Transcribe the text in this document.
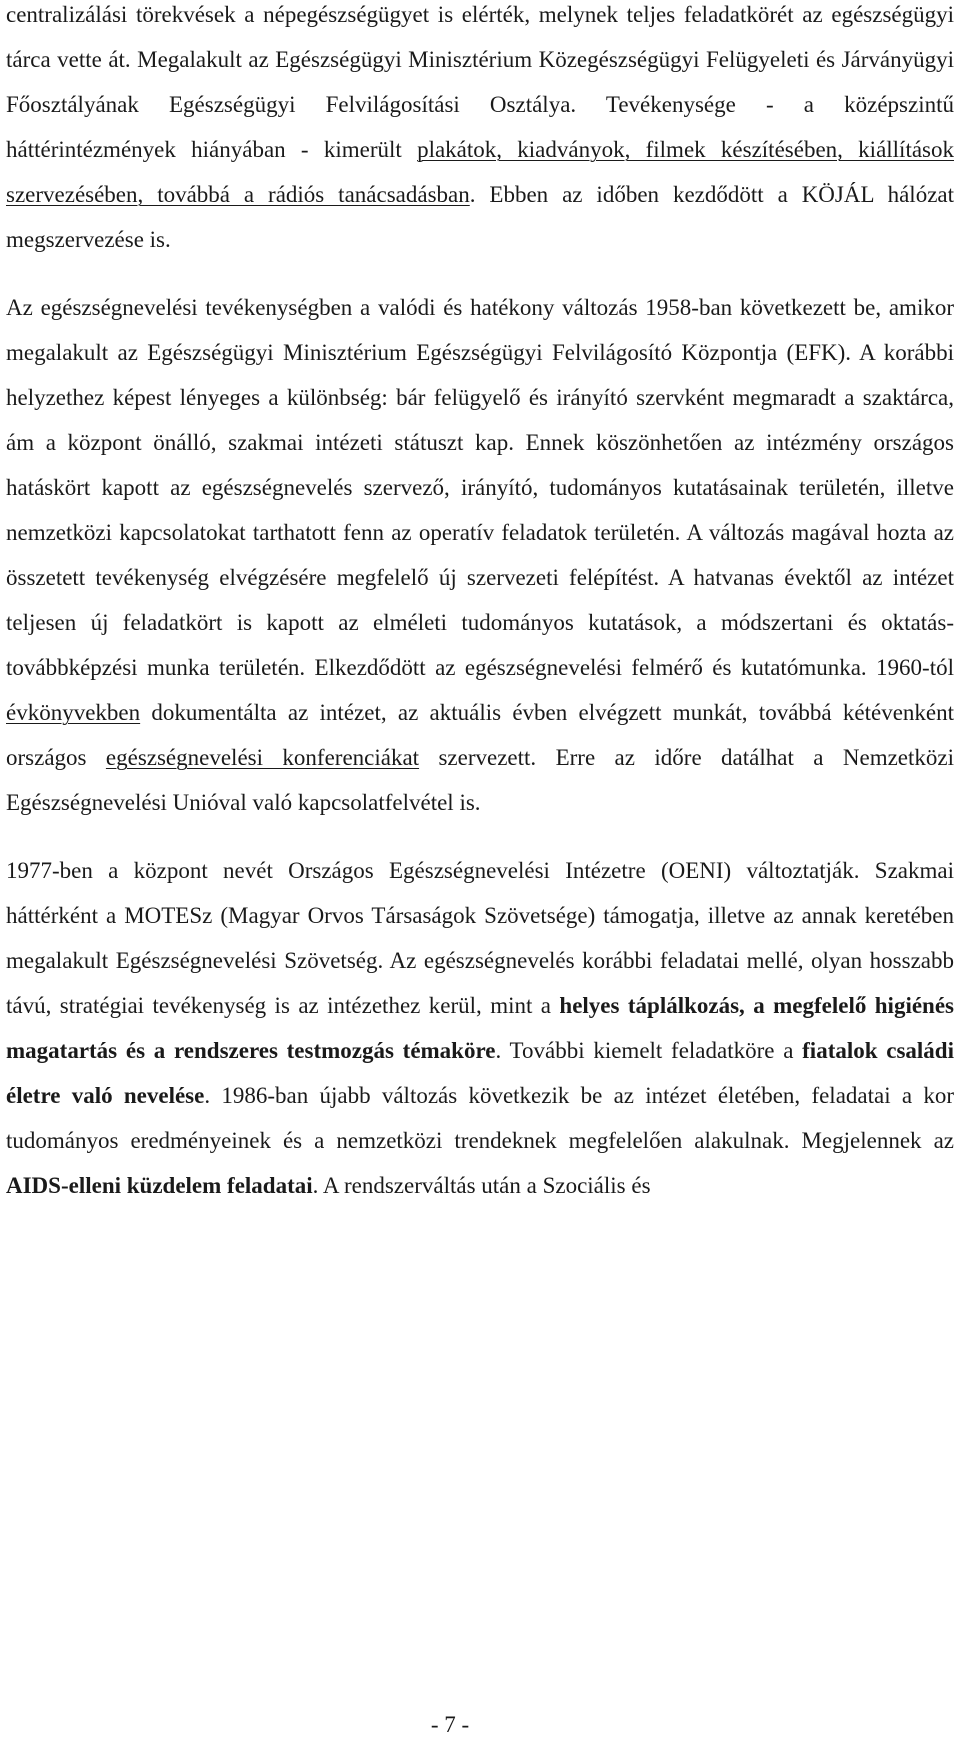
centralizálási törekvések a népegészségügyet is elérték, melynek teljes feladatkörét az egészségügyi tárca vette át. Megalakult az Egészségügyi Minisztérium Közegészségügyi Felügyeleti és Járványügyi Főosztályának Egészségügyi Felvilágosítási Osztálya. Tevékenysége - a középszintű háttérintézmények hiányában - kimerült plakátok, kiadványok, filmek készítésében, kiállítások szervezésében, továbbá a rádiós tanácsadásban. Ebben az időben kezdődött a KÖJÁL hálózat megszervezése is.

Az egészségnevelési tevékenységben a valódi és hatékony változás 1958-ban következett be, amikor megalakult az Egészségügyi Minisztérium Egészségügyi Felvilágosító Központja (EFK). A korábbi helyzethez képest lényeges a különbség: bár felügyelő és irányító szervként megmaradt a szaktárca, ám a központ önálló, szakmai intézeti státuszt kap. Ennek köszönhetően az intézmény országos hatáskört kapott az egészségnevelés szervező, irányító, tudományos kutatásainak területén, illetve nemzetközi kapcsolatokat tarthatott fenn az operatív feladatok területén. A változás magával hozta az összetett tevékenység elvégzésére megfelelő új szervezeti felépítést. A hatvanas évektől az intézet teljesen új feladatkört is kapott az elméleti tudományos kutatások, a módszertani és oktatás-továbbképzési munka területén. Elkezdődött az egészségnevelési felmérő és kutatómunka. 1960-tól évkönyvekben dokumentálta az intézet, az aktuális évben elvégzett munkát, továbbá kétévenként országos egészségnevelési konferenciákat szervezett. Erre az időre datálhat a Nemzetközi Egészségnevelési Unióval való kapcsolatfelvétel is.

1977-ben a központ nevét Országos Egészségnevelési Intézetre (OENI) változtatják. Szakmai háttérként a MOTESz (Magyar Orvos Társaságok Szövetsége) támogatja, illetve az annak keretében megalakult Egészségnevelési Szövetség. Az egészségnevelés korábbi feladatai mellé, olyan hosszabb távú, stratégiai tevékenység is az intézethez kerül, mint a helyes táplálkozás, a megfelelő higiénés magatartás és a rendszeres testmozgás témaköre. További kiemelt feladatköre a fiatalok családi életre való nevelése. 1986-ban újabb változás következik be az intézet életében, feladatai a kor tudományos eredményeinek és a nemzetközi trendeknek megfelelően alakulnak. Megjelennek az AIDS-elleni küzdelem feladatai. A rendszerváltás után a Szociális és

- 7 -
